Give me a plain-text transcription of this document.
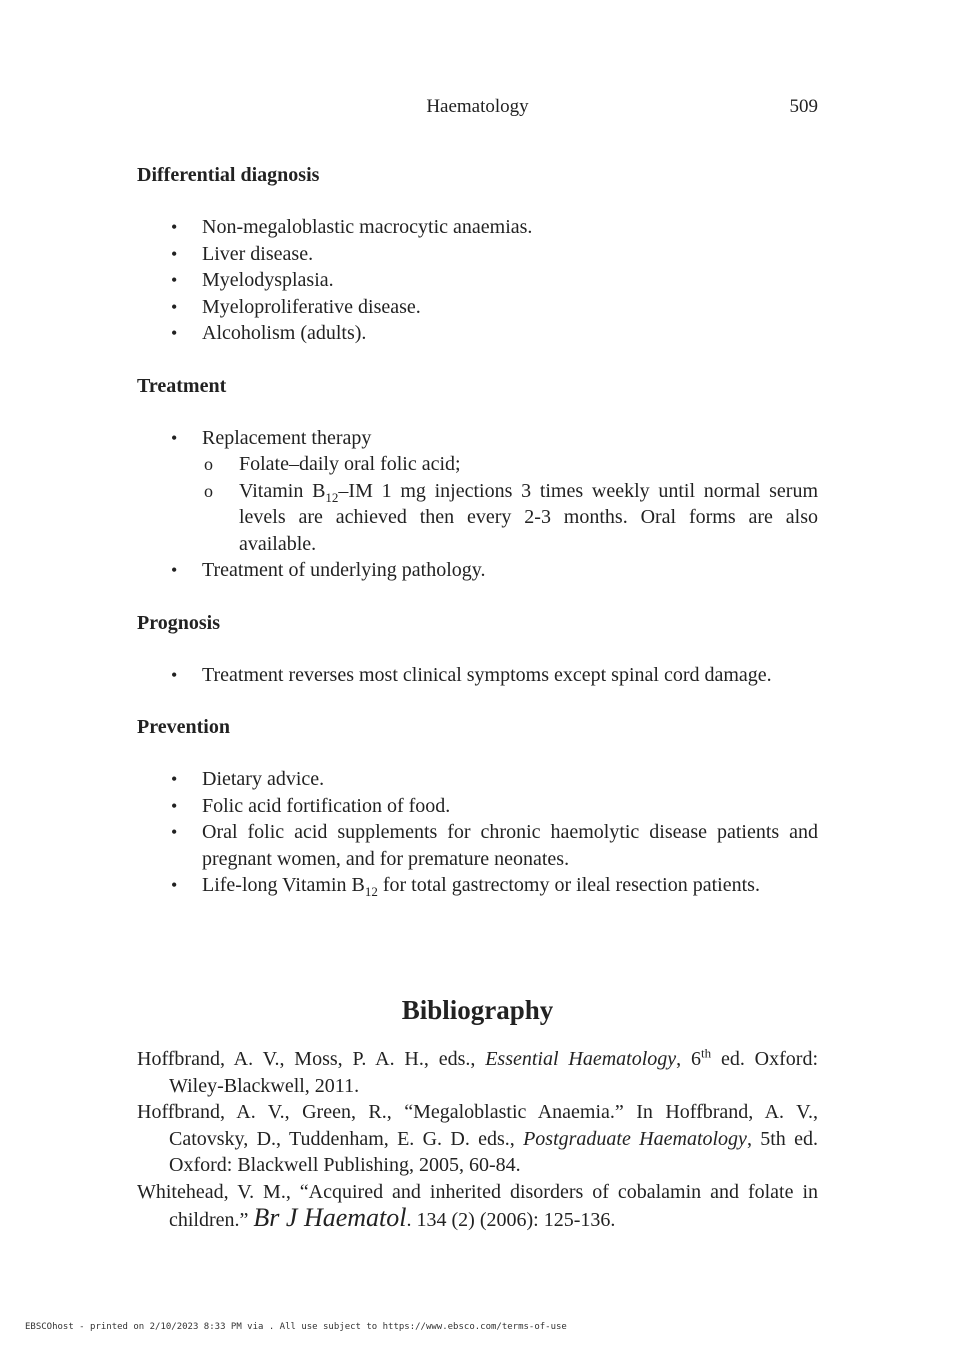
Haematology	509
Differential diagnosis
• Non-megaloblastic macrocytic anaemias.
• Liver disease.
• Myelodysplasia.
• Myeloproliferative disease.
• Alcoholism (adults).
Treatment
• Replacement therapy
o Folate–daily oral folic acid;
o Vitamin $B_{12}-IM$ 1 mg injections 3 times weekly until normal serum levels are achieved then every 2-3 months. Oral forms are also available.
• Treatment of underlying pathology.
Prognosis
• Treatment reverses most clinical symptoms except spinal cord damage.
Prevention
• Dietary advice.
• Folic acid fortification of food.
• Oral folic acid supplements for chronic haemolytic disease patients and pregnant women, and for premature neonates.
• Life-long Vitamin $B_{12}$ for total gastrectomy or ileal resection patients.
Bibliography

Hoffbrand, A. V., Moss, P. A. H., eds., Essential Haematology, 6th ed. Oxford: Wiley-Blackwell, 2011.

Hoffbrand, A. V., Green, R., “Megaloblastic Anaemia.” In Hoffbrand, A. V., Catovsky, D., Tuddenham, E. G. D. eds., Postgraduate Haematology, 5th ed. Oxford: Blackwell Publishing, 2005, 60-84.

Whitehead, V. M., “Acquired and inherited disorders of cobalamin and folate in children.” Br J Haematol. 134 (2) (2006): 125-136.

EBSCOhost - printed on 2/10/2023 8:33 PM via . All use subject to https://www.ebsco.com/terms-of-use
